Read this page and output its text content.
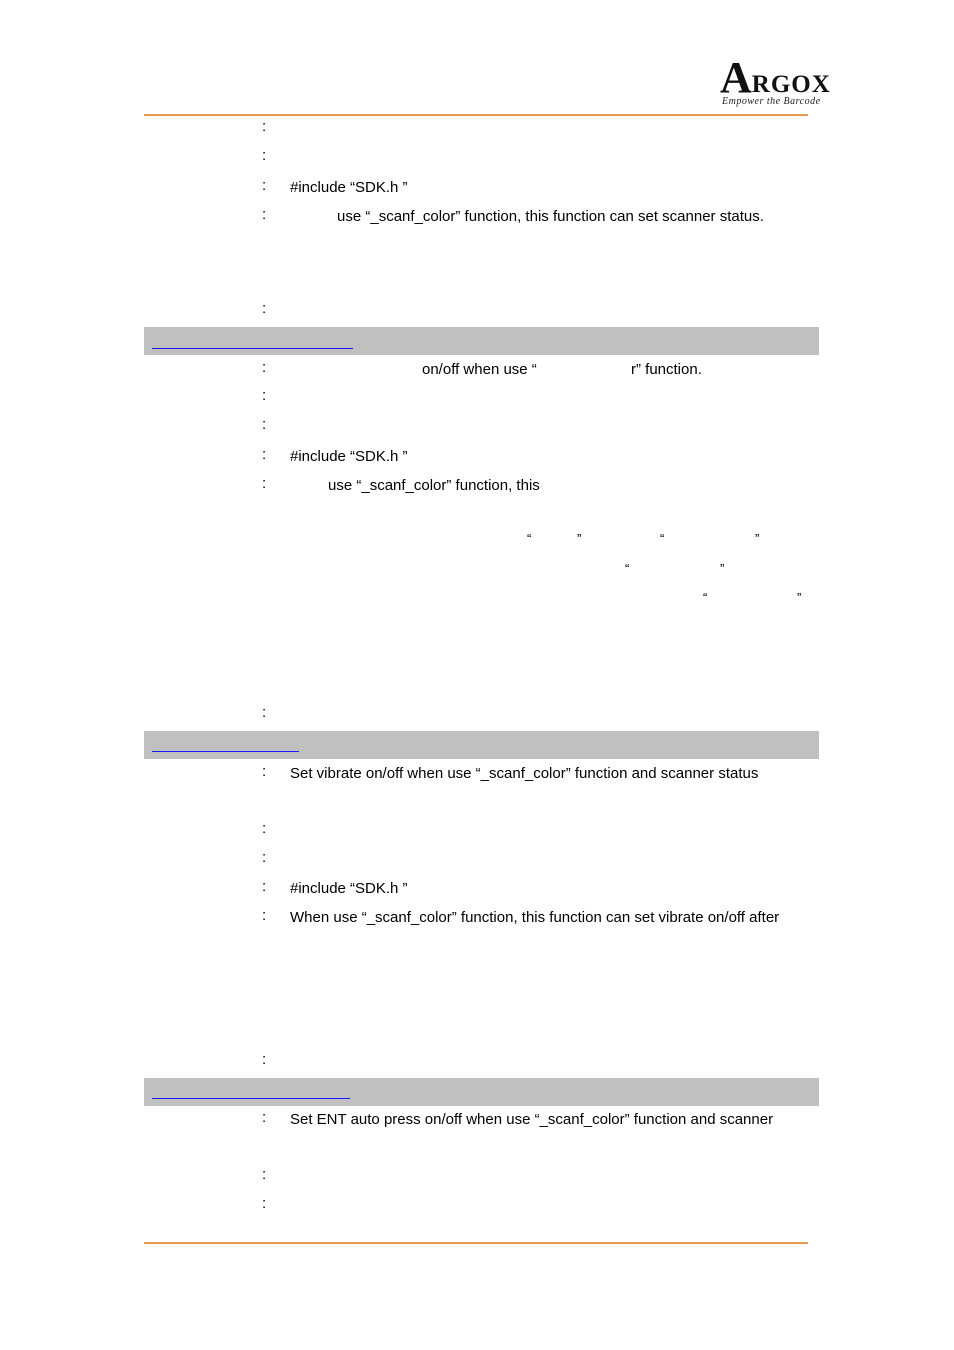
ARGOX
Empower the Barcode
:
:
: #include “SDK.h ”
:	use “_scanf_color” function, this function can set scanner status.
:
:	on/off when use “	r” function.
:
:
: #include “SDK.h ”
:	use “_scanf_color” function, this
“	”	“	”
“	”
“	”
:
: Set vibrate on/off when use “_scanf_color” function and scanner status
:
:
: #include “SDK.h ”
: When use “_scanf_color” function, this function can set vibrate on/off after
:
: Set ENT auto press on/off when use “_scanf_color” function and scanner
:
:
